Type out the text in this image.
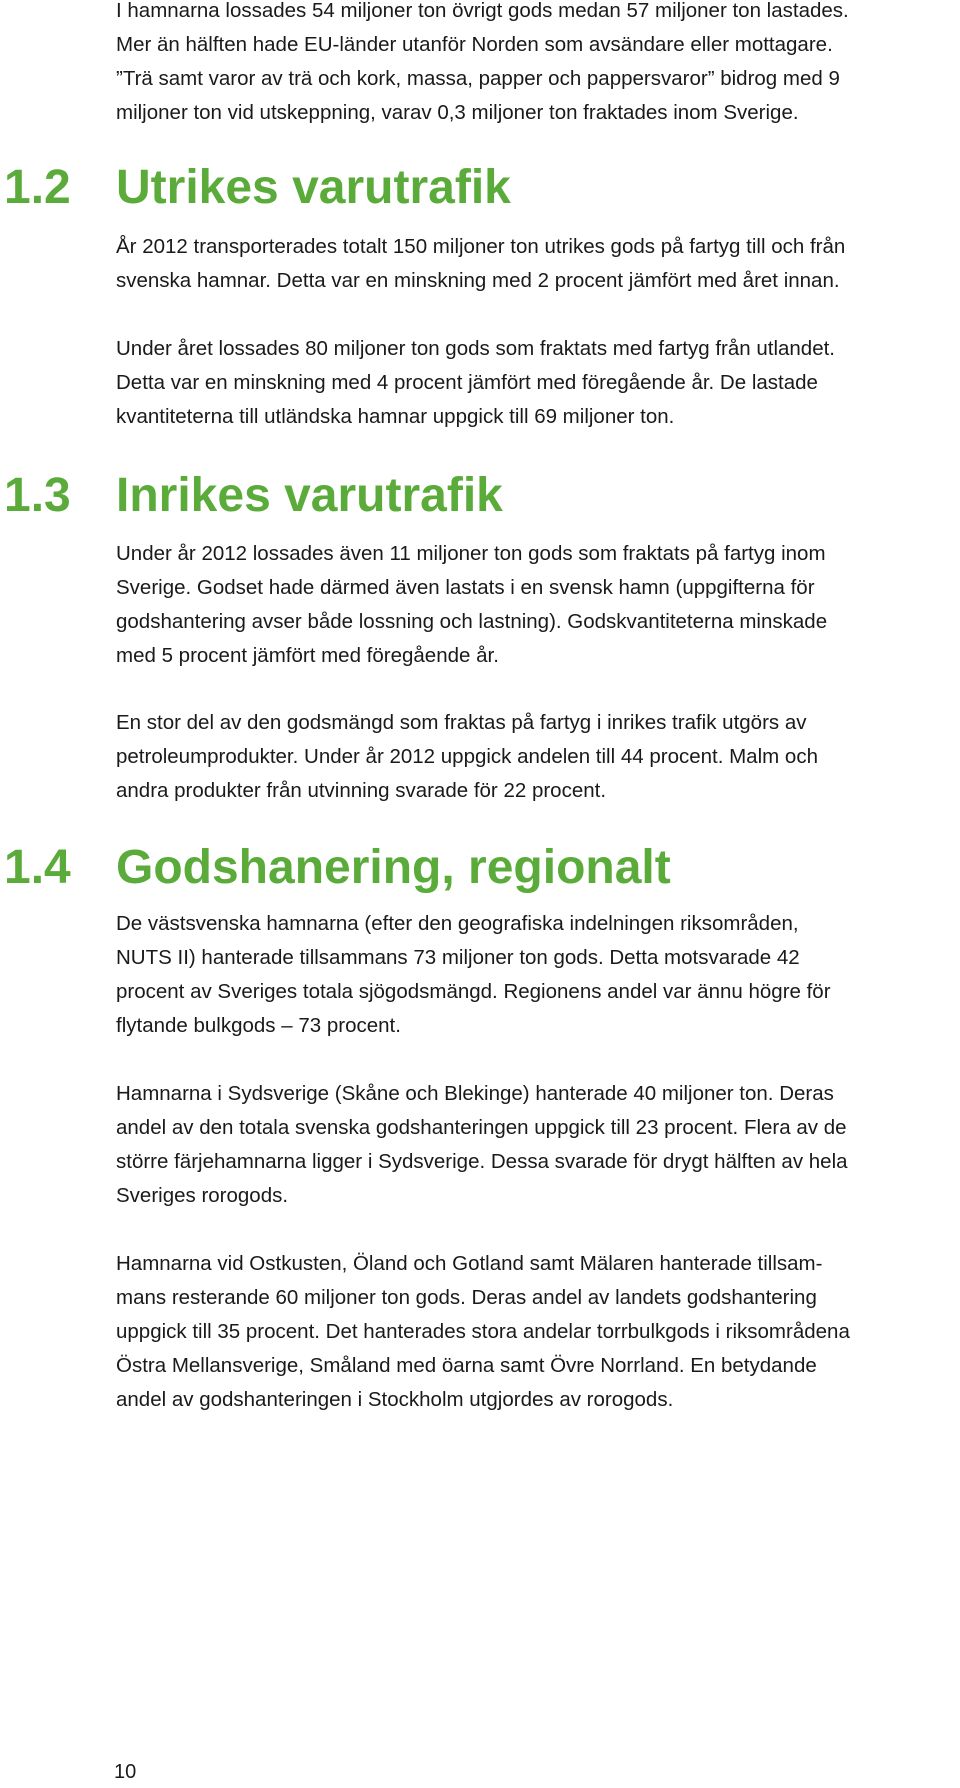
I hamnarna lossades 54 miljoner ton övrigt gods medan 57 miljoner ton lastades.
Mer än hälften hade EU-länder utanför Norden som avsändare eller mottagare.
”Trä samt varor av trä och kork, massa, papper och pappersvaror” bidrog med 9
miljoner ton vid utskeppning, varav 0,3 miljoner ton fraktades inom Sverige.

1.2 Utrikes varutrafik

År 2012 transporterades totalt 150 miljoner ton utrikes gods på fartyg till och från
svenska hamnar. Detta var en minskning med 2 procent jämfört med året innan.

Under året lossades 80 miljoner ton gods som fraktats med fartyg från utlandet.
Detta var en minskning med 4 procent jämfört med föregående år. De lastade
kvantiteterna till utländska hamnar uppgick till 69 miljoner ton.

1.3 Inrikes varutrafik

Under år 2012 lossades även 11 miljoner ton gods som fraktats på fartyg inom
Sverige. Godset hade därmed även lastats i en svensk hamn (uppgifterna för
godshantering avser både lossning och lastning). Godskvantiteterna minskade
med 5 procent jämfört med föregående år.

En stor del av den godsmängd som fraktas på fartyg i inrikes trafik utgörs av
petroleumprodukter. Under år 2012 uppgick andelen till 44 procent. Malm och
andra produkter från utvinning svarade för 22 procent.

1.4 Godshanering, regionalt

De västsvenska hamnarna (efter den geografiska indelningen riksområden,
NUTS II) hanterade tillsammans 73 miljoner ton gods. Detta motsvarade 42
procent av Sveriges totala sjögodsmängd. Regionens andel var ännu högre för
flytande bulkgods – 73 procent.

Hamnarna i Sydsverige (Skåne och Blekinge) hanterade 40 miljoner ton. Deras
andel av den totala svenska godshanteringen uppgick till 23 procent. Flera av de
större färjehamnarna ligger i Sydsverige. Dessa svarade för drygt hälften av hela
Sveriges rorogods.

Hamnarna vid Ostkusten, Öland och Gotland samt Mälaren hanterade tillsam-
mans resterande 60 miljoner ton gods. Deras andel av landets godshantering
uppgick till 35 procent. Det hanterades stora andelar torrbulkgods i riksområdena
Östra Mellansverige, Småland med öarna samt Övre Norrland. En betydande
andel av godshanteringen i Stockholm utgjordes av rorogods.

10
